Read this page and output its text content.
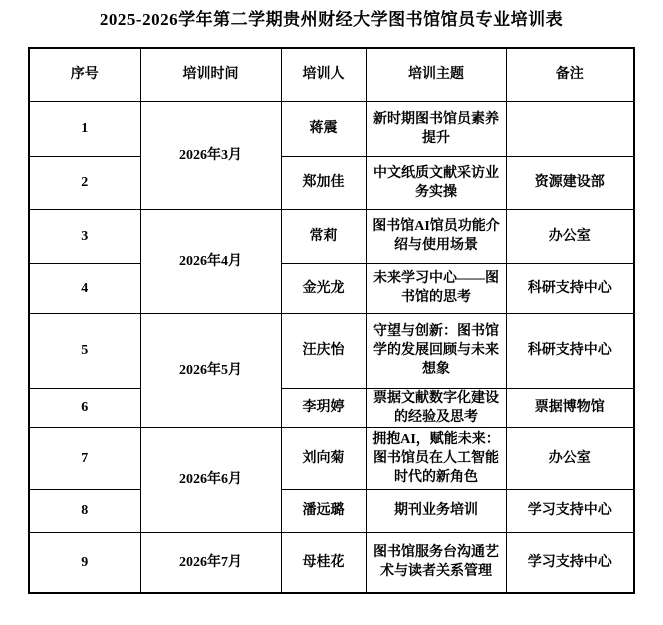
2025-2026学年第二学期贵州财经大学图书馆馆员专业培训表
序号	培训时间	培训人	培训主题	备注
1	2026年3月	蒋震	新时期图书馆员素养提升	
2		郑加佳	中文纸质文献采访业务实操	资源建设部
3	2026年4月	常莉	图书馆AI馆员功能介绍与使用场景	办公室
4		金光龙	未来学习中心——图书馆的思考	科研支持中心
5	2026年5月	汪庆怡	守望与创新：图书馆学的发展回顾与未来想象	科研支持中心
6		李玥婷	票据文献数字化建设的经验及思考	票据博物馆
7	2026年6月	刘向菊	拥抱AI，赋能未来：图书馆员在人工智能时代的新角色	办公室
8		潘远璐	期刊业务培训	学习支持中心
9	2026年7月	母桂花	图书馆服务台沟通艺术与读者关系管理	学习支持中心
